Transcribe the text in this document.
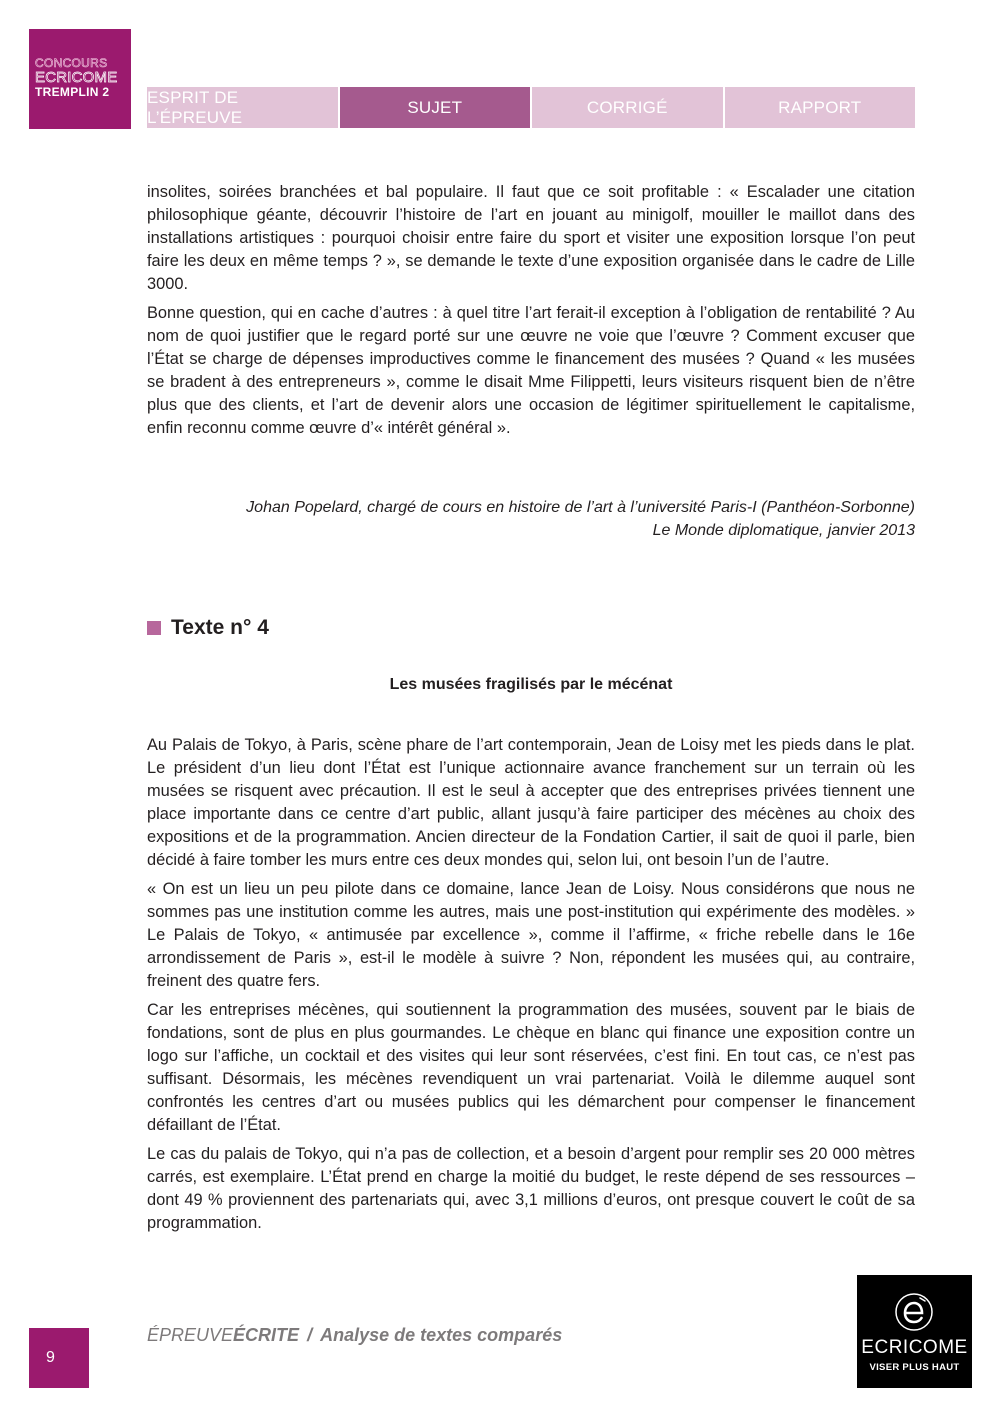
CONCOURS
ECRICOME
TREMPLIN 2	ESPRIT DE L’ÉPREUVE
SUJET	CORRIGÉ	RAPPORT

insolites, soirées branchées et bal populaire. Il faut que ce soit profitable : « Escalader une citation philosophique géante, découvrir l’histoire de l’art en jouant au minigolf, mouiller le maillot dans des installations artistiques : pourquoi choisir entre faire du sport et visiter une exposition lorsque l’on peut faire les deux en même temps ? », se demande le texte d’une exposition organisée dans le cadre de Lille 3000.

Bonne question, qui en cache d’autres : à quel titre l’art ferait-il exception à l’obligation de rentabilité ? Au nom de quoi justifier que le regard porté sur une œuvre ne voie que l’œuvre ? Comment excuser que l’État se charge de dépenses improductives comme le financement des musées ? Quand « les musées se bradent à des entrepreneurs », comme le disait Mme Filippetti, leurs visiteurs risquent bien de n’être plus que des clients, et l’art de devenir alors une occasion de légitimer spirituellement le capitalisme, enfin reconnu comme œuvre d’« intérêt général ».

Johan Popelard, chargé de cours en histoire de l’art à l’université Paris-I (Panthéon-Sorbonne)
Le Monde diplomatique, janvier 2013
Texte n° 4
Les musées fragilisés par le mécénat

Au Palais de Tokyo, à Paris, scène phare de l’art contemporain, Jean de Loisy met les pieds dans le plat. Le président d’un lieu dont l’État est l’unique actionnaire avance franchement sur un terrain où les musées se risquent avec précaution. Il est le seul à accepter que des entreprises privées tiennent une place importante dans ce centre d’art public, allant jusqu’à faire participer des mécènes au choix des expositions et de la programmation. Ancien directeur de la Fondation Cartier, il sait de quoi il parle, bien décidé à faire tomber les murs entre ces deux mondes qui, selon lui, ont besoin l’un de l’autre.

« On est un lieu un peu pilote dans ce domaine, lance Jean de Loisy. Nous considérons que nous ne sommes pas une institution comme les autres, mais une post-institution qui expérimente des modèles. » Le Palais de Tokyo, « antimusée par excellence », comme il l’affirme, « friche rebelle dans le 16e arrondissement de Paris », est-il le modèle à suivre ? Non, répondent les musées qui, au contraire, freinent des quatre fers.

Car les entreprises mécènes, qui soutiennent la programmation des musées, souvent par le biais de fondations, sont de plus en plus gourmandes. Le chèque en blanc qui finance une exposition contre un logo sur l’affiche, un cocktail et des visites qui leur sont réservées, c’est fini. En tout cas, ce n’est pas suffisant. Désormais, les mécènes revendiquent un vrai partenariat. Voilà le dilemme auquel sont confrontés les centres d’art ou musées publics qui les démarchent pour compenser le financement défaillant de l’État.

Le cas du palais de Tokyo, qui n’a pas de collection, et a besoin d’argent pour remplir ses 20 000 mètres carrés, est exemplaire. L’État prend en charge la moitié du budget, le reste dépend de ses ressources – dont 49 % proviennent des partenariats qui, avec 3,1 millions d’euros, ont presque couvert le coût de sa programmation.

9
ÉPREUVEÉCRITE / Analyse de textes comparés
ECRICOME
VISER PLUS HAUT
